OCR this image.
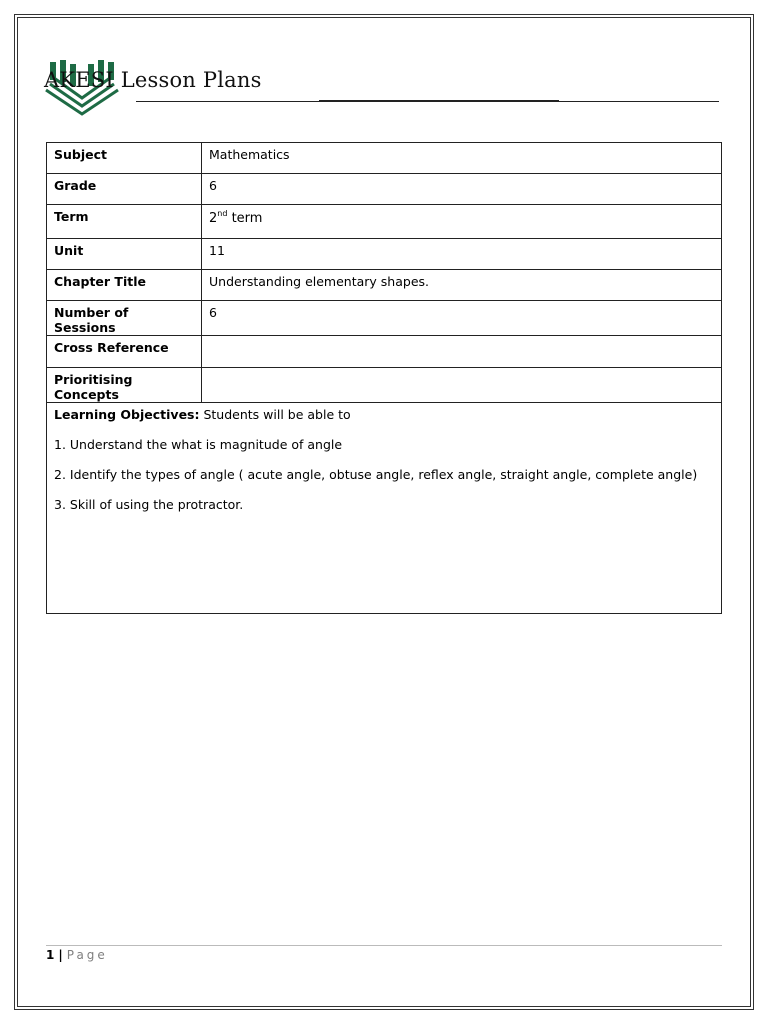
AKESI Lesson Plans
Subject	Mathematics
Grade	6
Term	2nd term
Unit	11
Chapter Title	Understanding elementary shapes.
Number of Sessions	6
Cross Reference	
Prioritising Concepts	

Learning Objectives: Students will be able to
1. Understand the what is magnitude of angle
2. Identify the types of angle ( acute angle, obtuse angle, reflex angle, straight angle, complete angle)
3. Skill of using the protractor.	
1 | Page
